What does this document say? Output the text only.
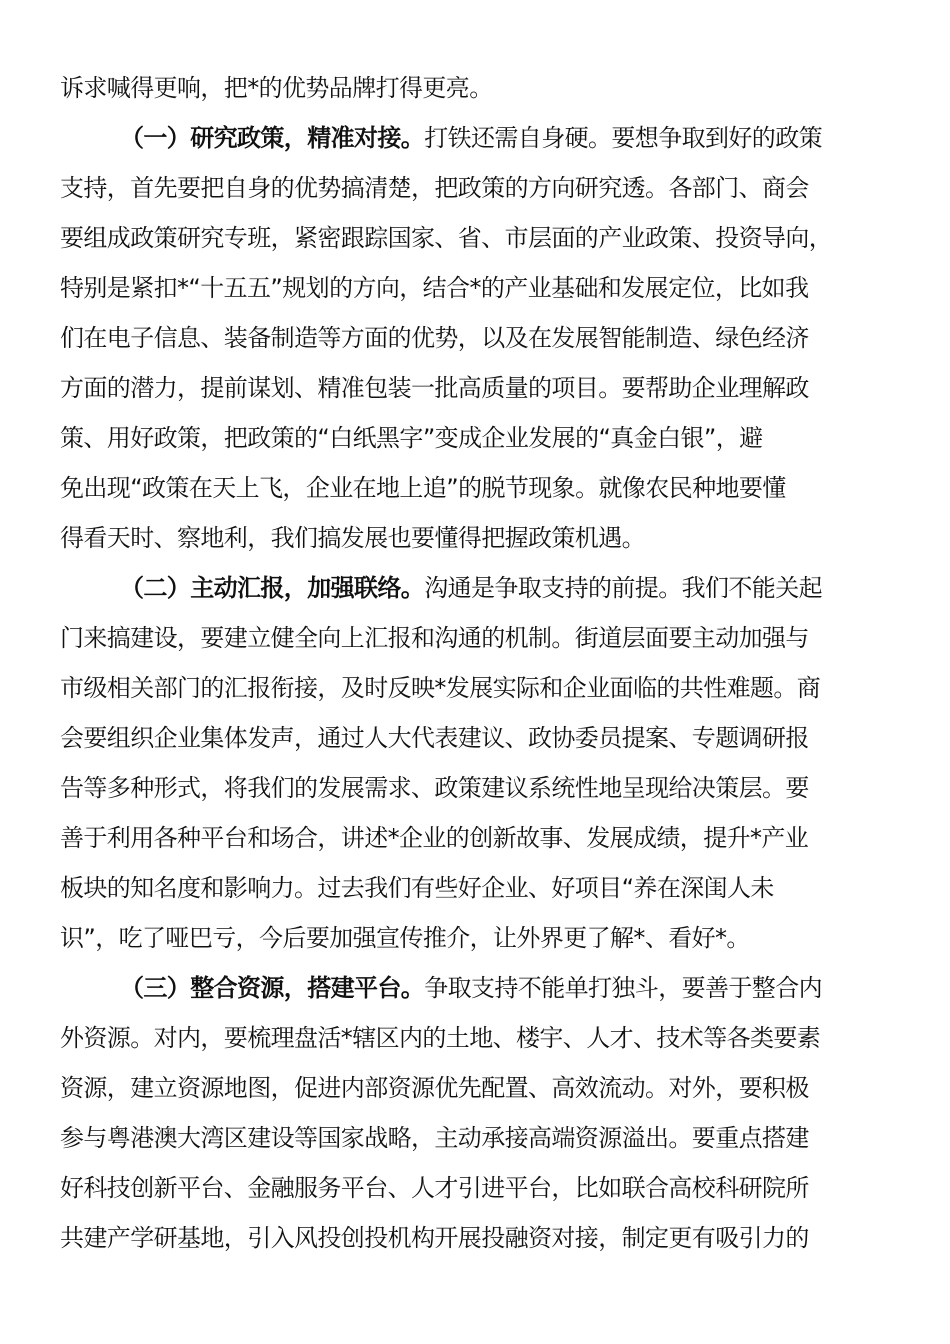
诉求喊得更响，把*的优势品牌打得更亮。
（一）研究政策，精准对接。打铁还需自身硬。要想争取到好的政策
支持，首先要把自身的优势搞清楚，把政策的方向研究透。各部门、商会
要组成政策研究专班，紧密跟踪国家、省、市层面的产业政策、投资导向，
特别是紧扣*“十五五”规划的方向，结合*的产业基础和发展定位，比如我
们在电子信息、装备制造等方面的优势，以及在发展智能制造、绿色经济
方面的潜力，提前谋划、精准包装一批高质量的项目。要帮助企业理解政
策、用好政策，把政策的“白纸黑字”变成企业发展的“真金白银”，避
免出现“政策在天上飞，企业在地上追”的脱节现象。就像农民种地要懂
得看天时、察地利，我们搞发展也要懂得把握政策机遇。
（二）主动汇报，加强联络。沟通是争取支持的前提。我们不能关起
门来搞建设，要建立健全向上汇报和沟通的机制。街道层面要主动加强与
市级相关部门的汇报衔接，及时反映*发展实际和企业面临的共性难题。商
会要组织企业集体发声，通过人大代表建议、政协委员提案、专题调研报
告等多种形式，将我们的发展需求、政策建议系统性地呈现给决策层。要
善于利用各种平台和场合，讲述*企业的创新故事、发展成绩，提升*产业
板块的知名度和影响力。过去我们有些好企业、好项目“养在深闺人未
识”，吃了哑巴亏，今后要加强宣传推介，让外界更了解*、看好*。
（三）整合资源，搭建平台。争取支持不能单打独斗，要善于整合内
外资源。对内，要梳理盘活*辖区内的土地、楼宇、人才、技术等各类要素
资源，建立资源地图，促进内部资源优先配置、高效流动。对外，要积极
参与粤港澳大湾区建设等国家战略，主动承接高端资源溢出。要重点搭建
好科技创新平台、金融服务平台、人才引进平台，比如联合高校科研院所
共建产学研基地，引入风投创投机构开展投融资对接，制定更有吸引力的
